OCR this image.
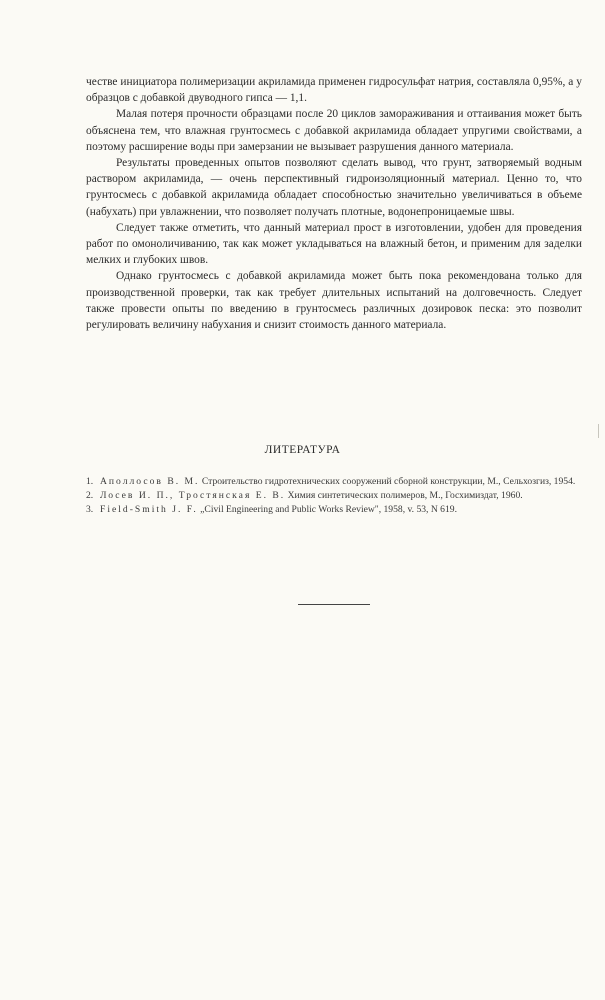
честве инициатора полимеризации акриламида применен гидросульфат натрия, составляла 0,95%, а у образцов с добавкой двуводного гипса — 1,1.

Малая потеря прочности образцами после 20 циклов замораживания и оттаивания может быть объяснена тем, что влажная грунтосмесь с добавкой акриламида обладает упругими свойствами, а поэтому расширение воды при замерзании не вызывает разрушения данного материала.

Результаты проведенных опытов позволяют сделать вывод, что грунт, затворяемый водным раствором акриламида, — очень перспективный гидроизоляционный материал. Ценно то, что грунтосмесь с добавкой акриламида обладает способностью значительно увеличиваться в объеме (набухать) при увлажнении, что позволяет получать плотные, водонепроницаемые швы.

Следует также отметить, что данный материал прост в изготовлении, удобен для проведения работ по омоноличиванию, так как может укладываться на влажный бетон, и применим для заделки мелких и глубоких швов.

Однако грунтосмесь с добавкой акриламида может быть пока рекомендована только для производственной проверки, так как требует длительных испытаний на долговечность. Следует также провести опыты по введению в грунтосмесь различных дозировок песка: это позволит регулировать величину набухания и снизит стоимость данного материала.

ЛИТЕРАТУРА
1. Аполлосов В. М. Строительство гидротехнических сооружений сборной конструкции, М., Сельхозгиз, 1954.
2. Лосев И. П., Тростянская Е. В. Химия синтетических полимеров, М., Госхимиздат, 1960.
3. Field-Smith J. F. „Civil Engineering and Public Works Review", 1958, v. 53, N 619.
